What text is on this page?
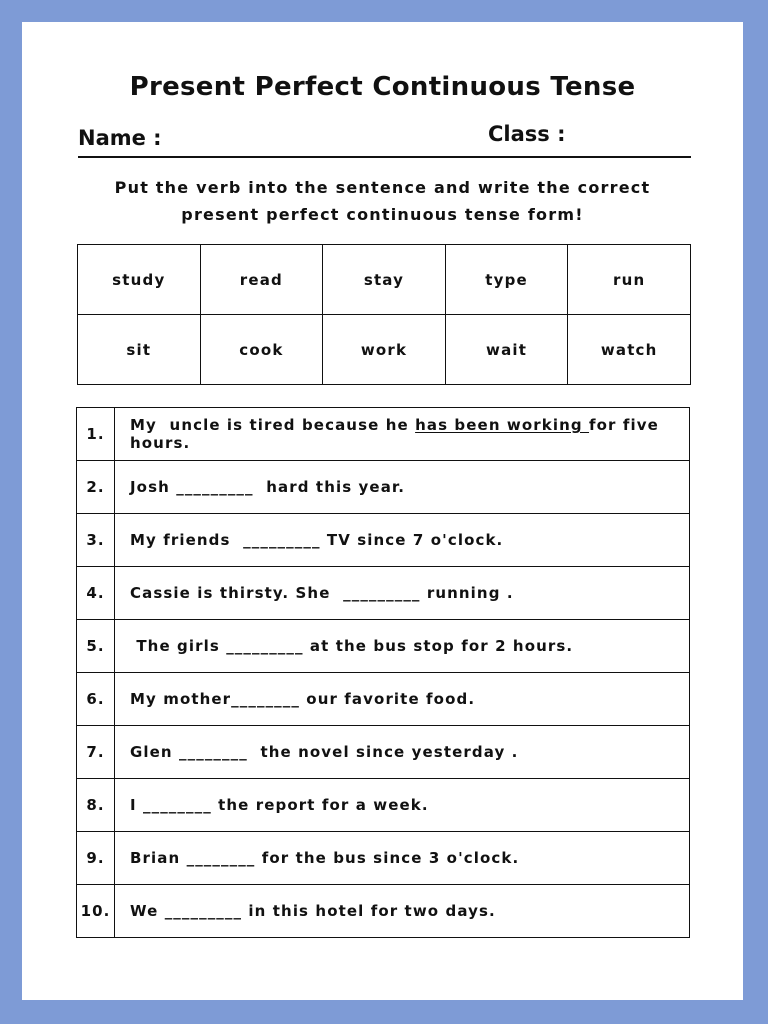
Present Perfect Continuous Tense
Name :	Class :
Put the verb into the sentence and write the correct
present perfect continuous tense form!
study	read	stay	type	run
sit	cook	work	wait	watch
1.	My  uncle is tired because he has been working for five hours.
2.	Josh _________  hard this year.
3.	My friends  _________ TV since 7 o'clock.
4.	Cassie is thirsty. She  _________ running .
5.	The girls _________ at the bus stop for 2 hours.
6.	My mother________ our favorite food.
7.	Glen ________  the novel since yesterday .
8.	I ________ the report for a week.
9.	Brian ________ for the bus since 3 o'clock.
10.	We _________ in this hotel for two days.
